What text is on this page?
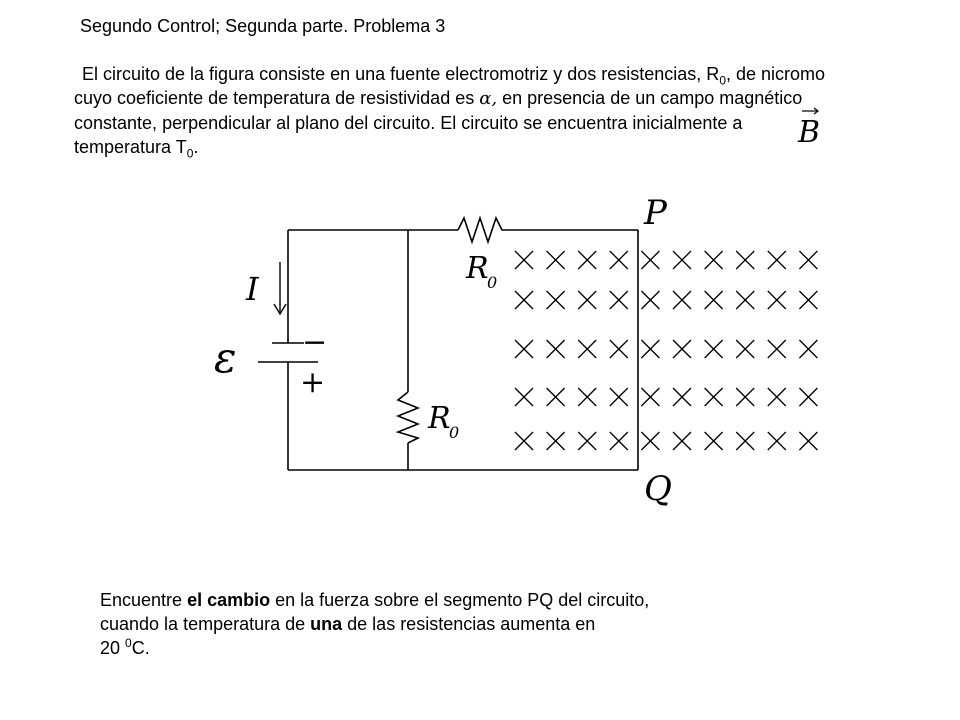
Segundo Control; Segunda parte. Problema 3
El circuito de la figura consiste en una fuente electromotriz y dos resistencias, $R_0$, de nicromo cuyo coeficiente de temperatura de resistividad es α, en presencia de un campo magnético constante, perpendicular al plano del circuito. El circuito se encuentra inicialmente a temperatura $T_0$.	B
R
0
R
0
−
+
ε
I
P
Q
Encuentre el cambio en la fuerza sobre el segmento PQ del circuito,
cuando la temperatura de una de las resistencias aumenta en
20 $^0$C.
